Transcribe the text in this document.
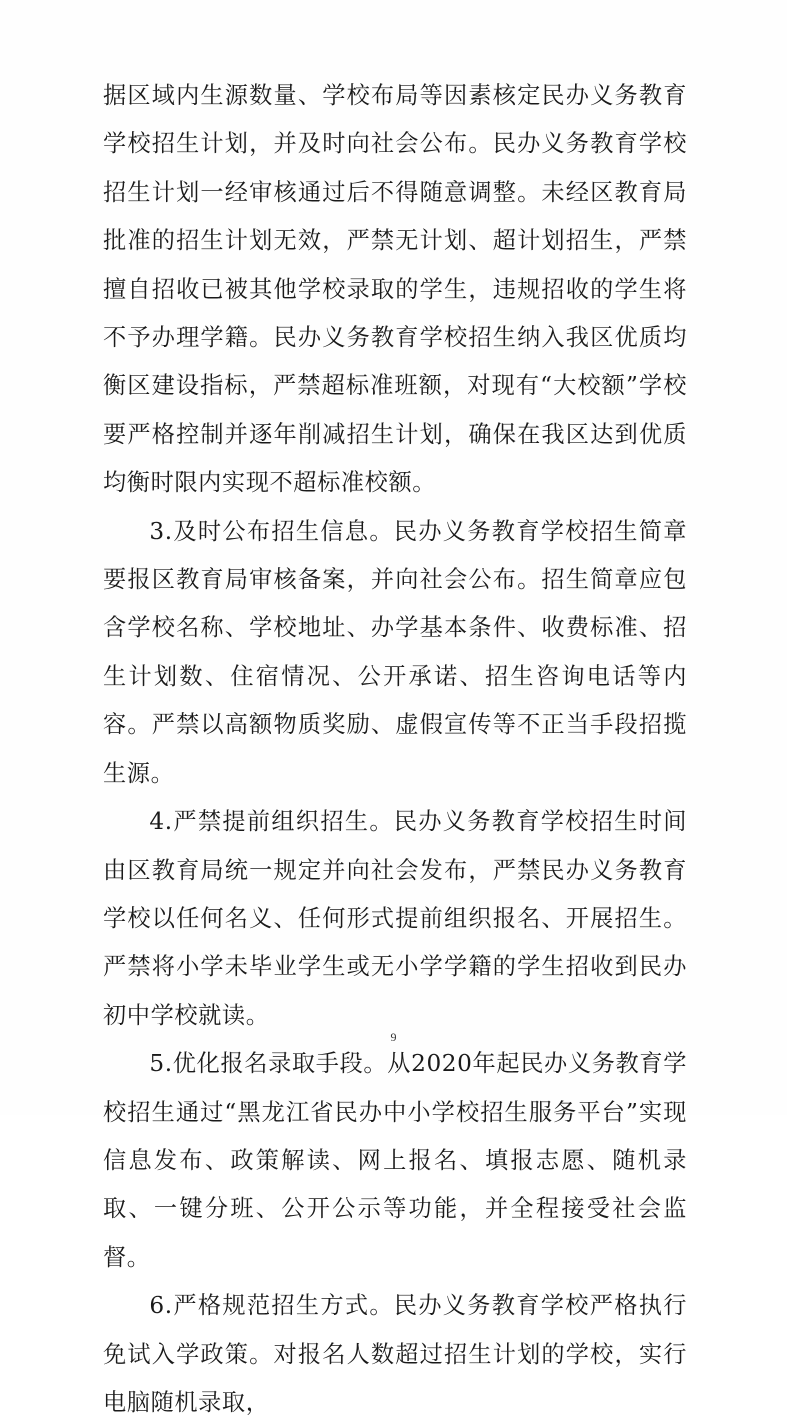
据区域内生源数量、学校布局等因素核定民办义务教育学校招生计划，并及时向社会公布。民办义务教育学校招生计划一经审核通过后不得随意调整。未经区教育局批准的招生计划无效，严禁无计划、超计划招生，严禁擅自招收已被其他学校录取的学生，违规招收的学生将不予办理学籍。民办义务教育学校招生纳入我区优质均衡区建设指标，严禁超标准班额，对现有“大校额”学校要严格控制并逐年削减招生计划，确保在我区达到优质均衡时限内实现不超标准校额。

3.及时公布招生信息。民办义务教育学校招生简章要报区教育局审核备案，并向社会公布。招生简章应包含学校名称、学校地址、办学基本条件、收费标准、招生计划数、住宿情况、公开承诺、招生咨询电话等内容。严禁以高额物质奖励、虚假宣传等不正当手段招揽生源。

4.严禁提前组织招生。民办义务教育学校招生时间由区教育局统一规定并向社会发布，严禁民办义务教育学校以任何名义、任何形式提前组织报名、开展招生。严禁将小学未毕业学生或无小学学籍的学生招收到民办初中学校就读。

5.优化报名录取手段。从2020年起民办义务教育学校招生通过“黑龙江省民办中小学校招生服务平台”实现信息发布、政策解读、网上报名、填报志愿、随机录取、一键分班、公开公示等功能，并全程接受社会监督。

6.严格规范招生方式。民办义务教育学校严格执行免试入学政策。对报名人数超过招生计划的学校，实行电脑随机录取，

9
